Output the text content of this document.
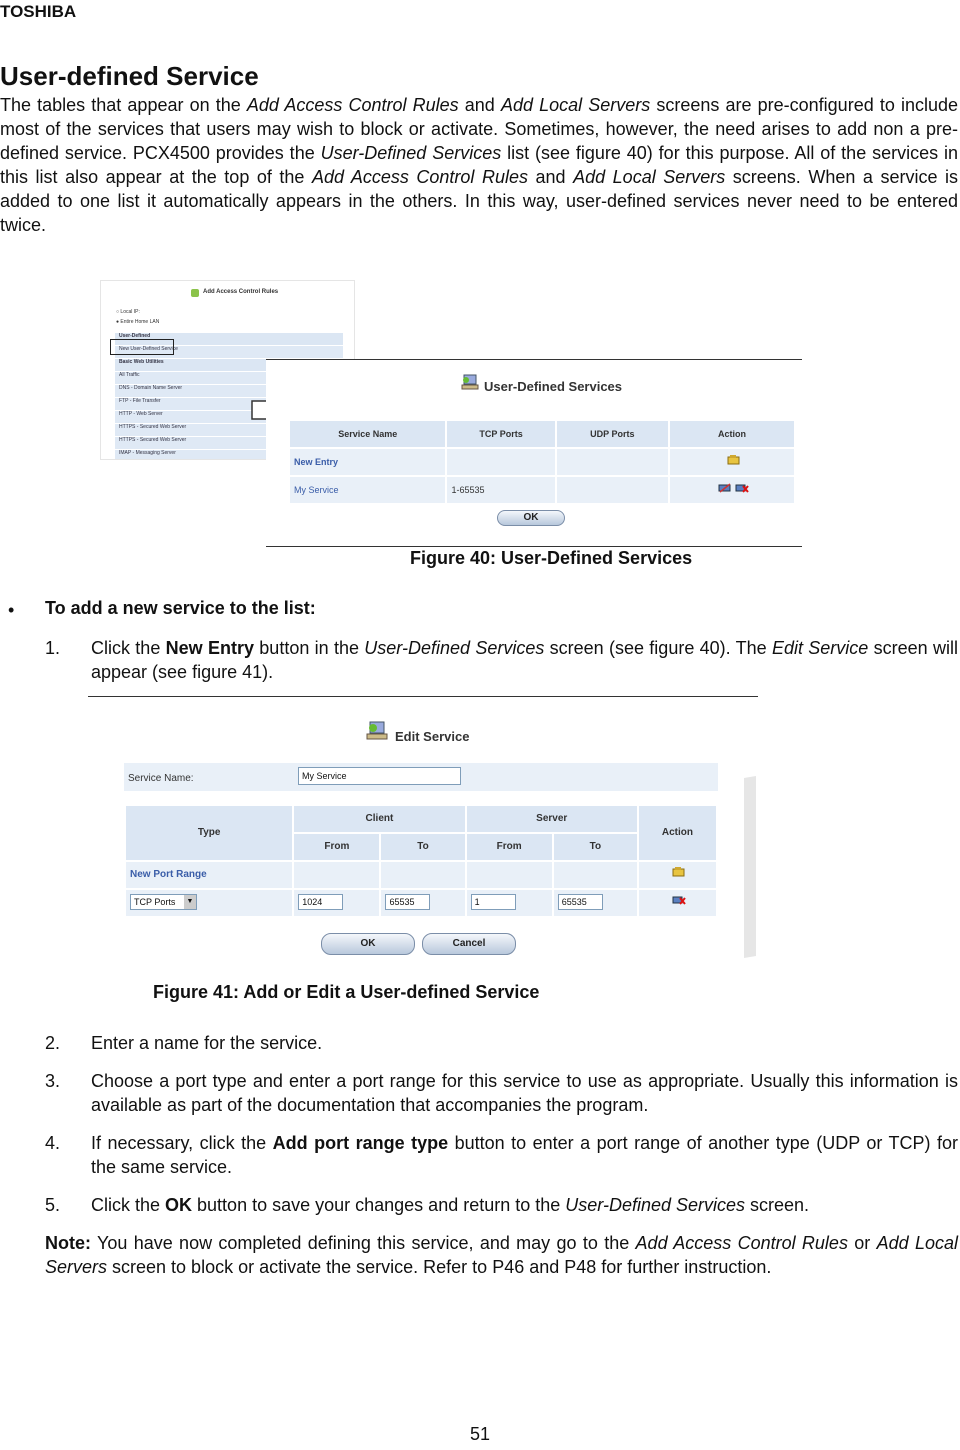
TOSHIBA
User-defined Service
The tables that appear on the Add Access Control Rules and Add Local Servers screens are pre-configured to include most of the services that users may wish to block or activate. Sometimes, however, the need arises to add non a pre-defined service. PCX4500 provides the User-Defined Services list (see figure 40) for this purpose. All of the services in this list also appear at the top of the Add Access Control Rules and Add Local Servers screens. When a service is added to one list it automatically appears in the others. In this way, user-defined services never need to be entered twice.
Add Access Control Rules
○ Local IP:
● Entire Home LAN
User-Defined
New User-Defined Service
Basic Web Utilities
All Traffic
DNS - Domain Name Server
FTP - File Transfer
HTTP - Web Server
HTTPS - Secured Web Server
HTTPS - Secured Web Server
IMAP - Messaging Server
User-Defined Services
Service Name	TCP Ports	UDP Ports	Action
New Entry			
My Service	1-65535		
OK
Figure 40: User-Defined Services
• To add a new service to the list:
1.	Click the New Entry button in the User-Defined Services screen (see figure 40). The Edit Service screen will appear (see figure 41).
Edit Service
Service Name:	My Service
Type	Client		Server		Action
	From	To	From	To	
New Port Range					
TCP Ports ▼	1024	65535	1	65535	
OK	Cancel
Figure 41: Add or Edit a User-defined Service
2.	Enter a name for the service.
3.	Choose a port type and enter a port range for this service to use as appropriate. Usually this information is available as part of the documentation that accompanies the program.
4.	If necessary, click the Add port range type button to enter a port range of another type (UDP or TCP) for the same service.
5.	Click the OK button to save your changes and return to the User-Defined Services screen.
Note: You have now completed defining this service, and may go to the Add Access Control Rules or Add Local Servers screen to block or activate the service. Refer to P46 and P48 for further instruction.
51
